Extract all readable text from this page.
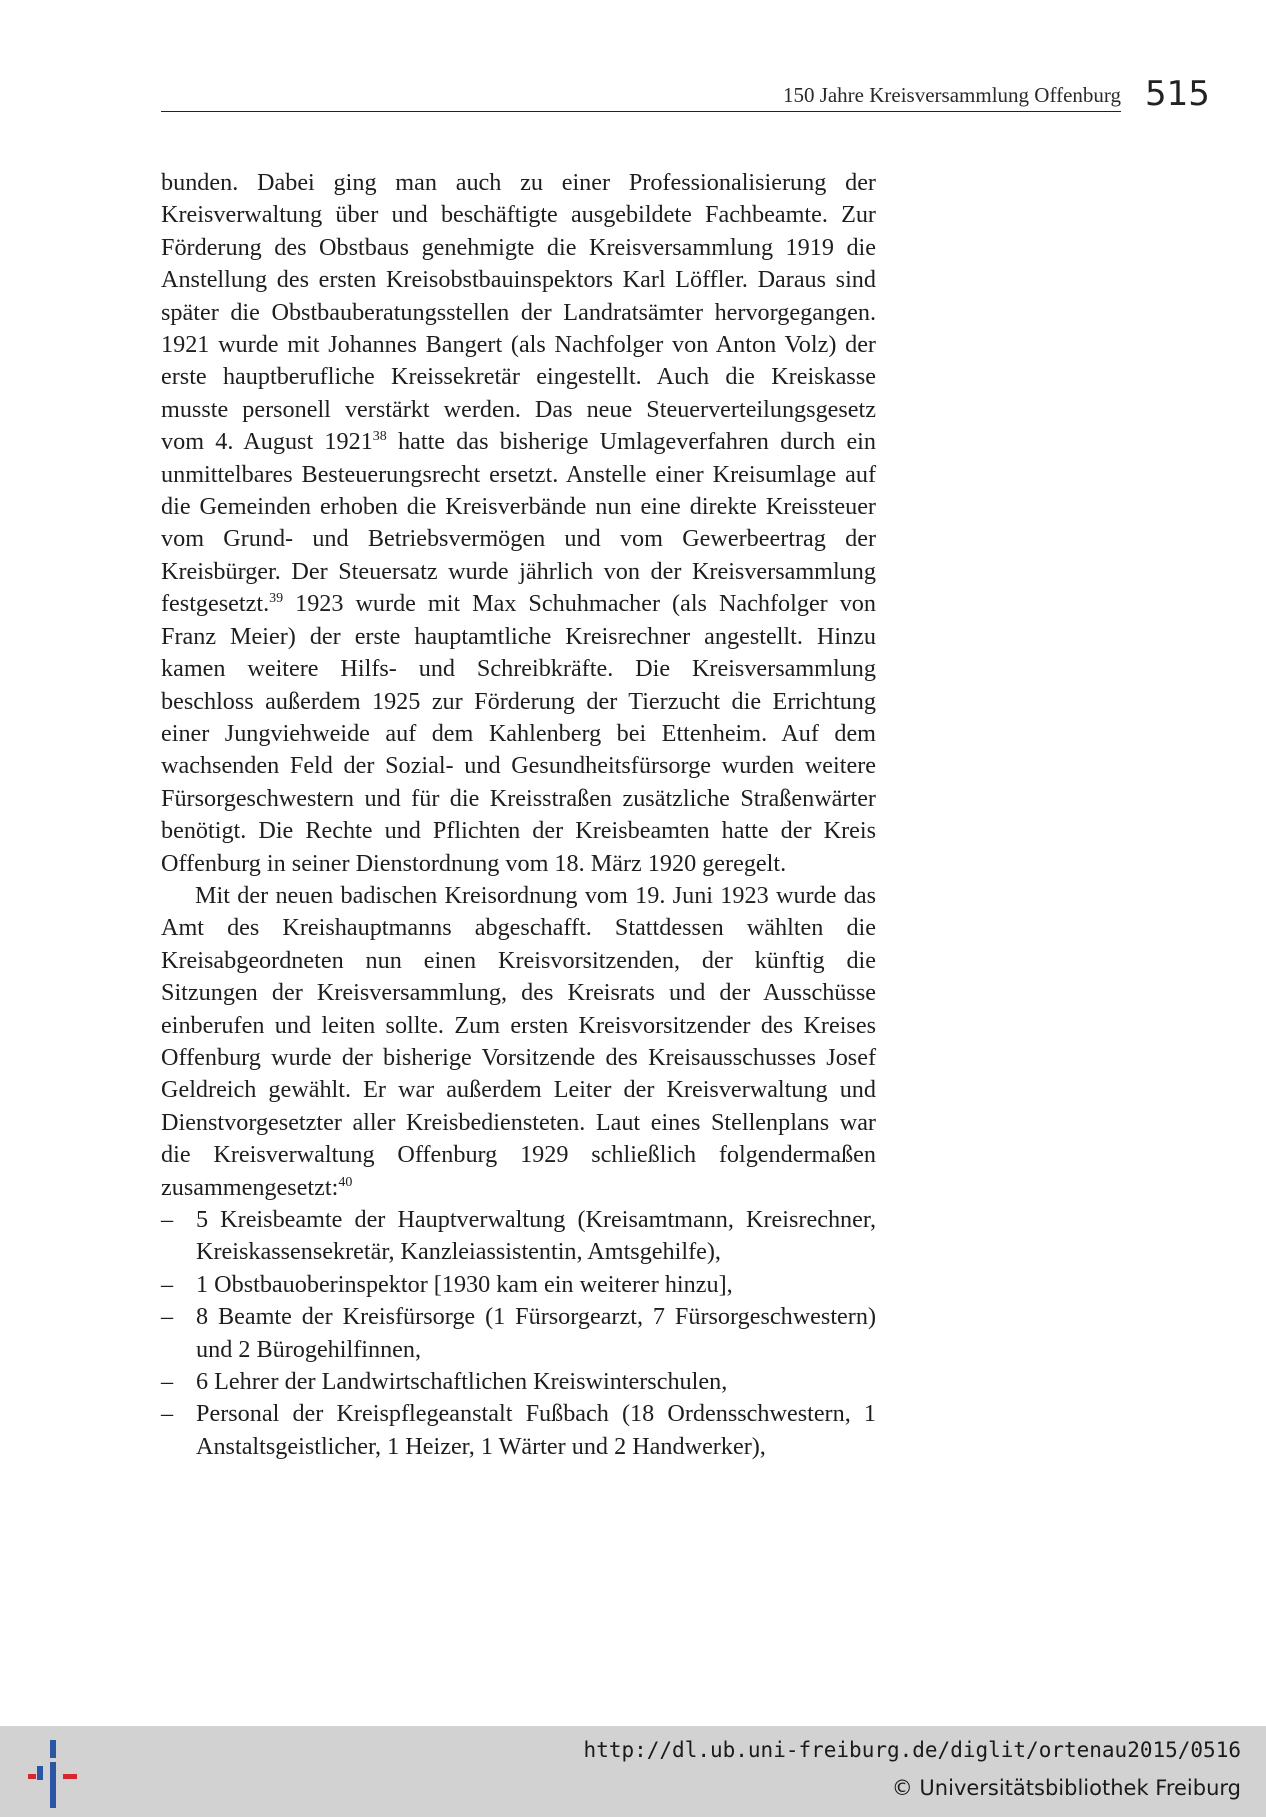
150 Jahre Kreisversammlung Offenburg 515

bunden. Dabei ging man auch zu einer Professionalisierung der Kreisverwaltung über und beschäftigte ausgebildete Fachbeamte. Zur Förderung des Obstbaus genehmigte die Kreisversammlung 1919 die Anstellung des ersten Kreisobstbauinspektors Karl Löffler. Daraus sind später die Obstbauberatungsstellen der Landratsämter hervorgegangen. 1921 wurde mit Johannes Bangert (als Nachfolger von Anton Volz) der erste hauptberufliche Kreissekretär eingestellt. Auch die Kreiskasse musste personell verstärkt werden. Das neue Steuerverteilungsgesetz vom 4. August 1921$^{38}$ hatte das bisherige Umlageverfahren durch ein unmittelbares Besteuerungsrecht ersetzt. Anstelle einer Kreisumlage auf die Gemeinden erhoben die Kreisverbände nun eine direkte Kreissteuer vom Grund- und Betriebsvermögen und vom Gewerbeertrag der Kreisbürger. Der Steuersatz wurde jährlich von der Kreisversammlung festgesetzt.$^{39}$ 1923 wurde mit Max Schuhmacher (als Nachfolger von Franz Meier) der erste hauptamtliche Kreisrechner angestellt. Hinzu kamen weitere Hilfs- und Schreibkräfte. Die Kreisversammlung beschloss außerdem 1925 zur Förderung der Tierzucht die Errichtung einer Jungviehweide auf dem Kahlenberg bei Ettenheim. Auf dem wachsenden Feld der Sozial- und Gesundheitsfürsorge wurden weitere Fürsorgeschwestern und für die Kreisstraßen zusätzliche Straßenwärter benötigt. Die Rechte und Pflichten der Kreisbeamten hatte der Kreis Offenburg in seiner Dienstordnung vom 18. März 1920 geregelt.

Mit der neuen badischen Kreisordnung vom 19. Juni 1923 wurde das Amt des Kreishauptmanns abgeschafft. Stattdessen wählten die Kreisabgeordneten nun einen Kreisvorsitzenden, der künftig die Sitzungen der Kreisversammlung, des Kreisrats und der Ausschüsse einberufen und leiten sollte. Zum ersten Kreisvorsitzender des Kreises Offenburg wurde der bisherige Vorsitzende des Kreisausschusses Josef Geldreich gewählt. Er war außerdem Leiter der Kreisverwaltung und Dienstvorgesetzter aller Kreisbediensteten. Laut eines Stellenplans war die Kreisverwaltung Offenburg 1929 schließlich folgendermaßen zusammengesetzt:$^{40}$

– 5 Kreisbeamte der Hauptverwaltung (Kreisamtmann, Kreisrechner, Kreiskassensekretär, Kanzleiassistentin, Amtsgehilfe),
– 1 Obstbauoberinspektor [1930 kam ein weiterer hinzu],
– 8 Beamte der Kreisfürsorge (1 Fürsorgearzt, 7 Fürsorgeschwestern) und 2 Bürogehilfinnen,
– 6 Lehrer der Landwirtschaftlichen Kreiswinterschulen,
– Personal der Kreispflegeanstalt Fußbach (18 Ordensschwestern, 1 Anstaltsgeistlicher, 1 Heizer, 1 Wärter und 2 Handwerker),
http://dl.ub.uni-freiburg.de/diglit/ortenau2015/0516
© Universitätsbibliothek Freiburg
